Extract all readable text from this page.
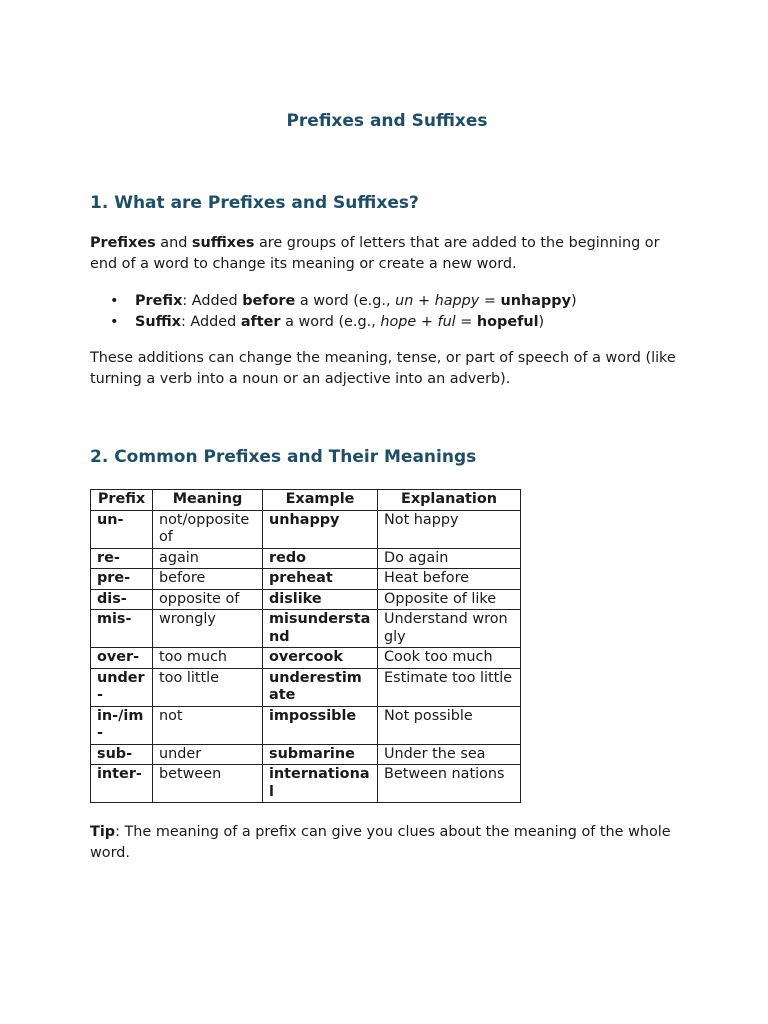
Prefixes and Suffixes
1. What are Prefixes and Suffixes?

Prefixes and suffixes are groups of letters that are added to the beginning or end of a word to change its meaning or create a new word.

• Prefix: Added before a word (e.g., un + happy = unhappy)
• Suffix: Added after a word (e.g., hope + ful = hopeful)

These additions can change the meaning, tense, or part of speech of a word (like turning a verb into a noun or an adjective into an adverb).

2. Common Prefixes and Their Meanings
Prefix	Meaning	Example	Explanation
un-	not/opposite of	unhappy	Not happy
re-	again	redo	Do again
pre-	before	preheat	Heat before
dis-	opposite of	dislike	Opposite of like
mis-	wrongly	misunderstand	Understand wrongly
over-	too much	overcook	Cook too much
under-	too little	underestimate	Estimate too little
in-/im-	not	impossible	Not possible
sub-	under	submarine	Under the sea
inter-	between	international	Between nations

Tip: The meaning of a prefix can give you clues about the meaning of the whole word.
